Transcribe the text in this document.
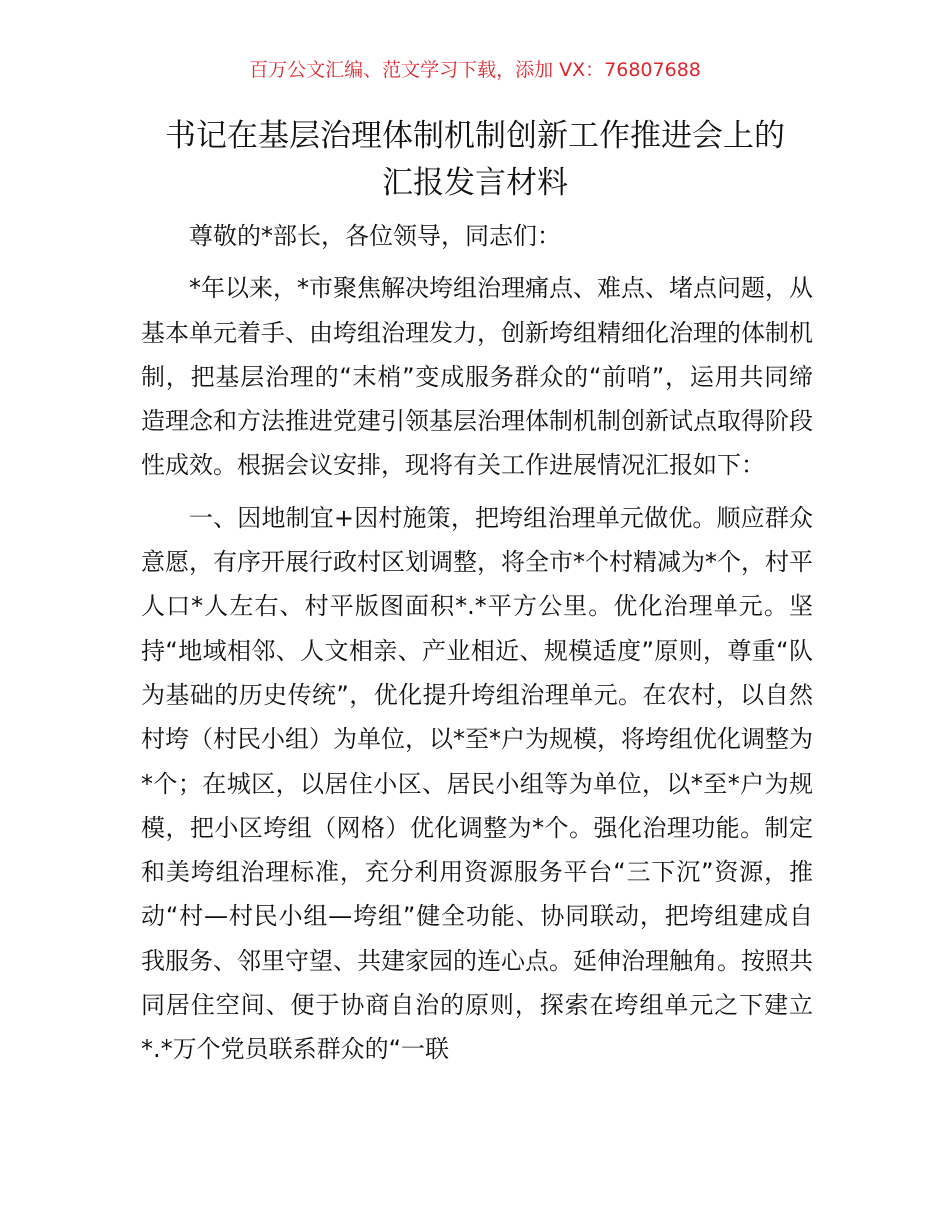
百万公文汇编、范文学习下载，添加 VX：76807688
书记在基层治理体制机制创新工作推进会上的
汇报发言材料

尊敬的*部长，各位领导，同志们：

*年以来，*市聚焦解决垮组治理痛点、难点、堵点问题，从基本单元着手、由垮组治理发力，创新垮组精细化治理的体制机制，把基层治理的“末梢”变成服务群众的“前哨”，运用共同缔造理念和方法推进党建引领基层治理体制机制创新试点取得阶段性成效。根据会议安排，现将有关工作进展情况汇报如下：

一、因地制宜+因村施策，把垮组治理单元做优。顺应群众意愿，有序开展行政村区划调整，将全市*个村精减为*个，村平人口*人左右、村平版图面积*.*平方公里。优化治理单元。坚持“地域相邻、人文相亲、产业相近、规模适度”原则，尊重“队为基础的历史传统”，优化提升垮组治理单元。在农村，以自然村垮（村民小组）为单位，以*至*户为规模，将垮组优化调整为*个；在城区，以居住小区、居民小组等为单位，以*至*户为规模，把小区垮组（网格）优化调整为*个。强化治理功能。制定和美垮组治理标准，充分利用资源服务平台“三下沉”资源，推动“村—村民小组—垮组”健全功能、协同联动，把垮组建成自我服务、邻里守望、共建家园的连心点。延伸治理触角。按照共同居住空间、便于协商自治的原则，探索在垮组单元之下建立*.*万个党员联系群众的“一联
